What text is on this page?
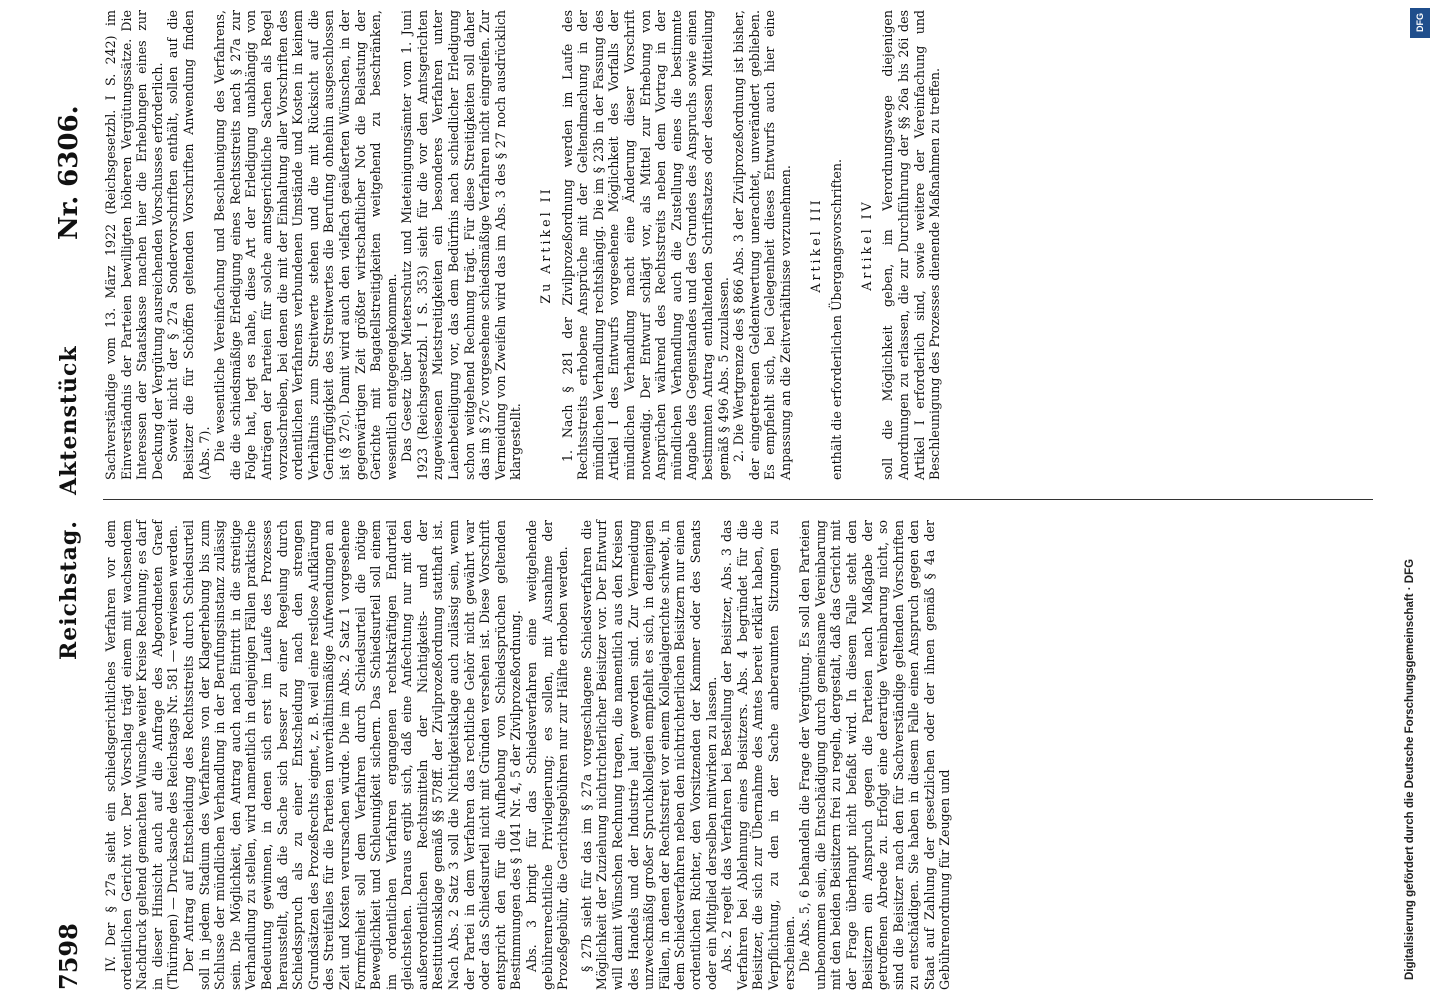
7598
Reichstag.
Aktenstück
Nr. 6306.

IV. Der § 27a sieht ein schiedsgerichtliches Verfahren vor dem ordentlichen Gericht vor. Der Vorschlag trägt einem mit wachsendem Nachdruck geltend gemachten Wunsche weiter Kreise Rechnung; es darf in dieser Hinsicht auch auf die Anfrage des Abgeordneten Graef (Thüringen) — Drucksache des Reichstags Nr. 581 — verwiesen werden. Der Antrag auf Entscheidung des Rechtsstreits durch Schiedsurteil soll in jedem Stadium des Verfahrens von der Klagerhebung bis zum Schlusse der mündlichen Verhandlung in der Berufungsinstanz zulässig sein. Die Möglichkeit, den Antrag auch nach Eintritt in die streitige Verhandlung zu stellen, wird namentlich in denjenigen Fällen praktische Bedeutung gewinnen, in denen sich erst im Laufe des Prozesses herausstellt, daß die Sache sich besser zu einer Regelung durch Schiedsspruch als zu einer Entscheidung nach den strengen Grundsätzen des Prozeßrechts eignet, z. B. weil eine restlose Aufklärung des Streitfalles für die Parteien unverhältnismäßige Aufwendungen an Zeit und Kosten verursachen würde. Die im Abs. 2 Satz 1 vorgesehene Formfreiheit soll dem Verfahren durch Schiedsurteil die nötige Beweglichkeit und Schleunigkeit sichern. Das Schiedsurteil soll einem im ordentlichen Verfahren ergangenen rechtskräftigen Endurteil gleichstehen. Daraus ergibt sich, daß eine Anfechtung nur mit den außerordentlichen Rechtsmitteln der Nichtigkeits- und der Restitutionsklage gemäß §§ 578ff. der Zivilprozeßordnung statthaft ist. Nach Abs. 2 Satz 3 soll die Nichtigkeitsklage auch zulässig sein, wenn der Partei in dem Verfahren das rechtliche Gehör nicht gewährt war oder das Schiedsurteil nicht mit Gründen versehen ist. Diese Vorschrift entspricht den für die Aufhebung von Schiedssprüchen geltenden Bestimmungen des § 1041 Nr. 4, 5 der Zivilprozeßordnung. Abs. 3 bringt für das Schiedsverfahren eine weitgehende gebührenrechtliche Privilegierung; es sollen, mit Ausnahme der Prozeßgebühr, die Gerichtsgebühren nur zur Hälfte erhoben werden. § 27b sieht für das im § 27a vorgeschlagene Schiedsverfahren die Möglichkeit der Zuziehung nichtrichterlicher Beisitzer vor. Der Entwurf will damit Wünschen Rechnung tragen, die namentlich aus den Kreisen des Handels und der Industrie laut geworden sind. Zur Vermeidung unzweckmäßig großer Spruchkollegien empfiehlt es sich, in denjenigen Fällen, in denen der Rechtsstreit vor einem Kollegialgerichte schwebt, in dem Schiedsverfahren neben den nichtrichterlichen Beisitzern nur einen ordentlichen Richter, den Vorsitzenden der Kammer oder des Senats oder ein Mitglied derselben mitwirken zu lassen. Abs. 2 regelt das Verfahren bei Bestellung der Beisitzer, Abs. 3 das Verfahren bei Ablehnung eines Beisitzers. Abs. 4 begründet für die Beisitzer, die sich zur Übernahme des Amtes bereit erklärt haben, die Verpflichtung, zu den in der Sache anberaumten Sitzungen zu erscheinen. Die Abs. 5, 6 behandeln die Frage der Vergütung. Es soll den Parteien unbenommen sein, die Entschädigung durch gemeinsame Vereinbarung mit den beiden Beisitzern frei zu regeln, dergestalt, daß das Gericht mit der Frage überhaupt nicht befaßt wird. In diesem Falle steht den Beisitzern ein Anspruch gegen die Parteien nach Maßgabe der getroffenen Abrede zu. Erfolgt eine derartige Vereinbarung nicht, so sind die Beisitzer nach den für Sachverständige geltenden Vorschriften zu entschädigen. Sie haben in diesem Falle einen Anspruch gegen den Staat auf Zahlung der gesetzlichen oder der ihnen gemäß § 4a der Gebührenordnung für Zeugen und

Sachverständige vom 13. März 1922 (Reichsgesetzbl. I S. 242) im Einverständnis der Parteien bewilligten höheren Vergütungssätze. Die Interessen der Staatskasse machen hier die Erhebungen eines zur Deckung der Vergütung ausreichenden Vorschusses erforderlich. Soweit nicht der § 27a Sondervorschriften enthält, sollen auf die Beisitzer die für Schöffen geltenden Vorschriften Anwendung finden (Abs. 7). Die wesentliche Vereinfachung und Beschleunigung des Verfahrens, die die schiedsmäßige Erledigung eines Rechtsstreits nach § 27a zur Folge hat, legt es nahe, diese Art der Erledigung unabhängig von Anträgen der Parteien für solche amtsgerichtliche Sachen als Regel vorzuschreiben, bei denen die mit der Einhaltung aller Vorschriften des ordentlichen Verfahrens verbundenen Umstände und Kosten in keinem Verhältnis zum Streitwerte stehen und die mit Rücksicht auf die Geringfügigkeit des Streitwertes die Berufung ohnehin ausgeschlossen ist (§ 27c). Damit wird auch den vielfach geäußerten Wünschen, in der gegenwärtigen Zeit größter wirtschaftlicher Not die Belastung der Gerichte mit Bagatellstreitigkeiten weitgehend zu beschränken, wesentlich entgegengekommen. Das Gesetz über Mieterschutz und Mieteinigungsämter vom 1. Juni 1923 (Reichsgesetzbl. I S. 353) sieht für die vor den Amtsgerichten zugewiesenen Mietstreitigkeiten ein besonderes Verfahren unter Laienbeteiligung vor, das dem Bedürfnis nach schiedlicher Erledigung schon weitgehend Rechnung trägt. Für diese Streitigkeiten soll daher das im § 27c vorgesehene schiedsmäßige Verfahren nicht eingreifen. Zur Vermeidung von Zweifeln wird das im Abs. 3 des § 27 noch ausdrücklich klargestellt.

Zu Artikel II 1. Nach § 281 der Zivilprozeßordnung werden im Laufe des Rechtsstreits erhobene Ansprüche mit der Geltendmachung in der mündlichen Verhandlung rechtshängig. Die im § 23b in der Fassung des Artikel I des Entwurfs vorgesehene Möglichkeit des Vorfalls der mündlichen Verhandlung macht eine Änderung dieser Vorschrift notwendig. Der Entwurf schlägt vor, als Mittel zur Erhebung von Ansprüchen während des Rechtsstreits neben dem Vortrag in der mündlichen Verhandlung auch die Zustellung eines die bestimmte Angabe des Gegenstandes und des Grundes des Anspruchs sowie einen bestimmten Antrag enthaltenden Schriftsatzes oder dessen Mitteilung gemäß § 496 Abs. 5 zuzulassen. 2. Die Wertgrenze des § 866 Abs. 3 der Zivilprozeßordnung ist bisher, der eingetretenen Geldentwertung unerachtet, unverändert geblieben. Es empfiehlt sich, bei Gelegenheit dieses Entwurfs auch hier eine Anpassung an die Zeitverhältnisse vorzunehmen. Artikel III enthält die erforderlichen Übergangsvorschriften. Artikel IV soll die Möglichkeit geben, im Verordnungswege diejenigen Anordnungen zu erlassen, die zur Durchführung der §§ 26a bis 26i des Artikel I erforderlich sind, sowie weitere der Vereinfachung und Beschleunigung des Prozesses dienende Maßnahmen zu treffen.

DFG
Digitalisierung gefördert durch die Deutsche Forschungsgemeinschaft · DFG
